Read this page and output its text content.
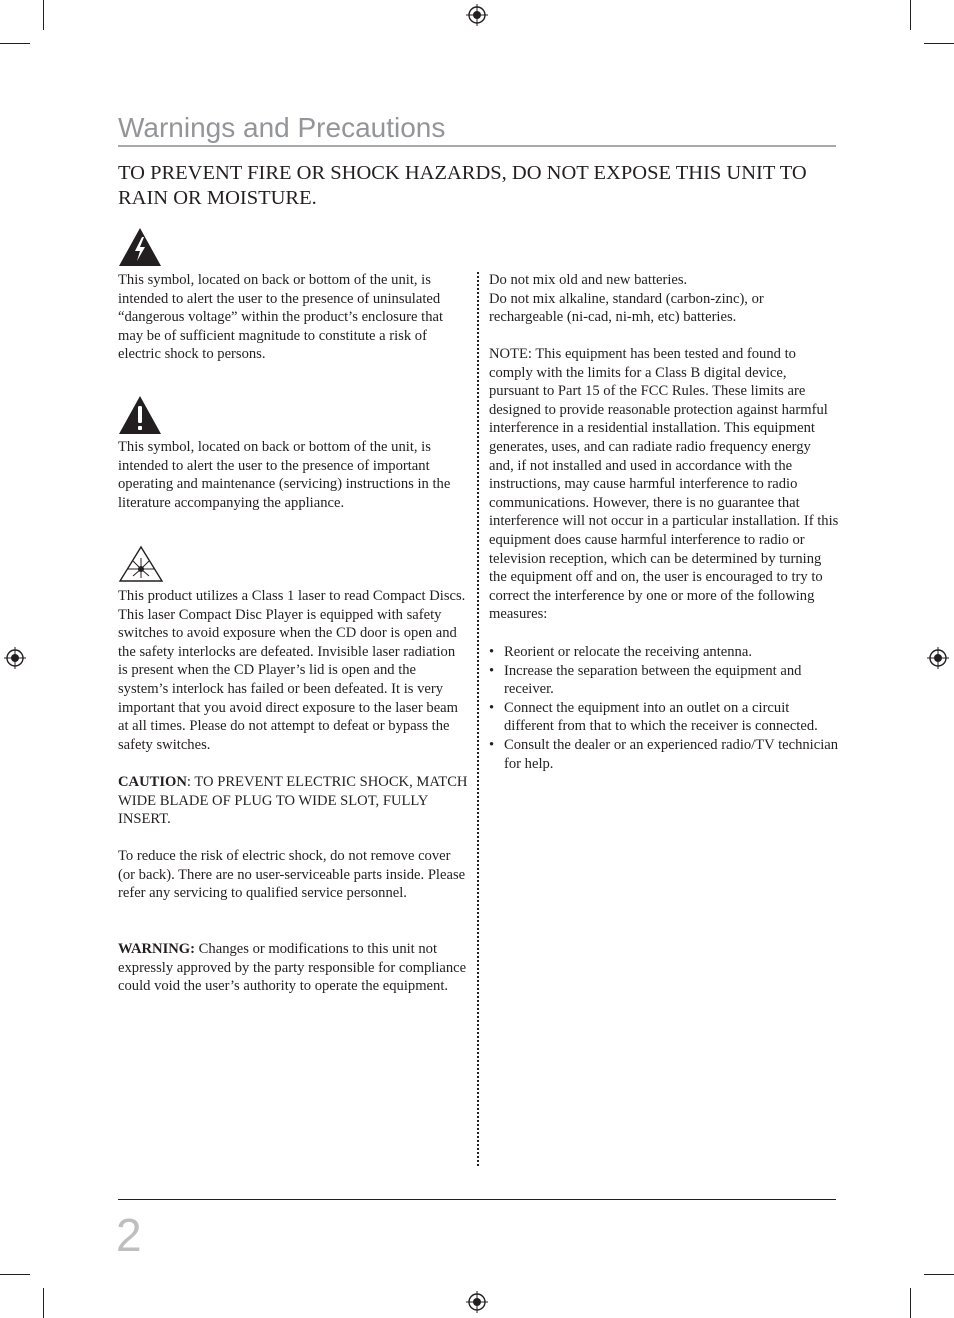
Warnings and Precautions
TO PREVENT FIRE OR SHOCK HAZARDS, DO NOT EXPOSE THIS UNIT TO RAIN OR MOISTURE.

This symbol, located on back or bottom of the unit, is intended to alert the user to the presence of uninsulated “dangerous voltage” within the product’s enclosure that may be of sufficient magnitude to constitute a risk of electric shock to persons.

This symbol, located on back or bottom of the unit, is intended to alert the user to the presence of important operating and maintenance (servicing) instructions in the literature accompanying the appliance.

This product utilizes a Class 1 laser to read Compact Discs. This laser Compact Disc Player is equipped with safety switches to avoid exposure when the CD door is open and the safety interlocks are defeated. Invisible laser radiation is present when the CD Player’s lid is open and the system’s interlock has failed or been defeated. It is very important that you avoid direct exposure to the laser beam at all times. Please do not attempt to defeat or bypass the safety switches.

CAUTION: TO PREVENT ELECTRIC SHOCK, MATCH WIDE BLADE OF PLUG TO WIDE SLOT, FULLY INSERT.

To reduce the risk of electric shock, do not remove cover (or back). There are no user-serviceable parts inside. Please refer any servicing to qualified service personnel.

WARNING: Changes or modifications to this unit not expressly approved by the party responsible for compliance could void the user’s authority to operate the equipment.

Do not mix old and new batteries.
Do not mix alkaline, standard (carbon-zinc), or rechargeable (ni-cad, ni-mh, etc) batteries.

NOTE: This equipment has been tested and found to comply with the limits for a Class B digital device, pursuant to Part 15 of the FCC Rules. These limits are designed to provide reasonable protection against harmful interference in a residential installation. This equipment generates, uses, and can radiate radio frequency energy and, if not installed and used in accordance with the instructions, may cause harmful interference to radio communications. However, there is no guarantee that interference will not occur in a particular installation. If this equipment does cause harmful interference to radio or television reception, which can be determined by turning the equipment off and on, the user is encouraged to try to correct the interference by one or more of the following measures:

• Reorient or relocate the receiving antenna.
• Increase the separation between the equipment and receiver.
• Connect the equipment into an outlet on a circuit different from that to which the receiver is connected.
• Consult the dealer or an experienced radio/TV technician for help.
2
